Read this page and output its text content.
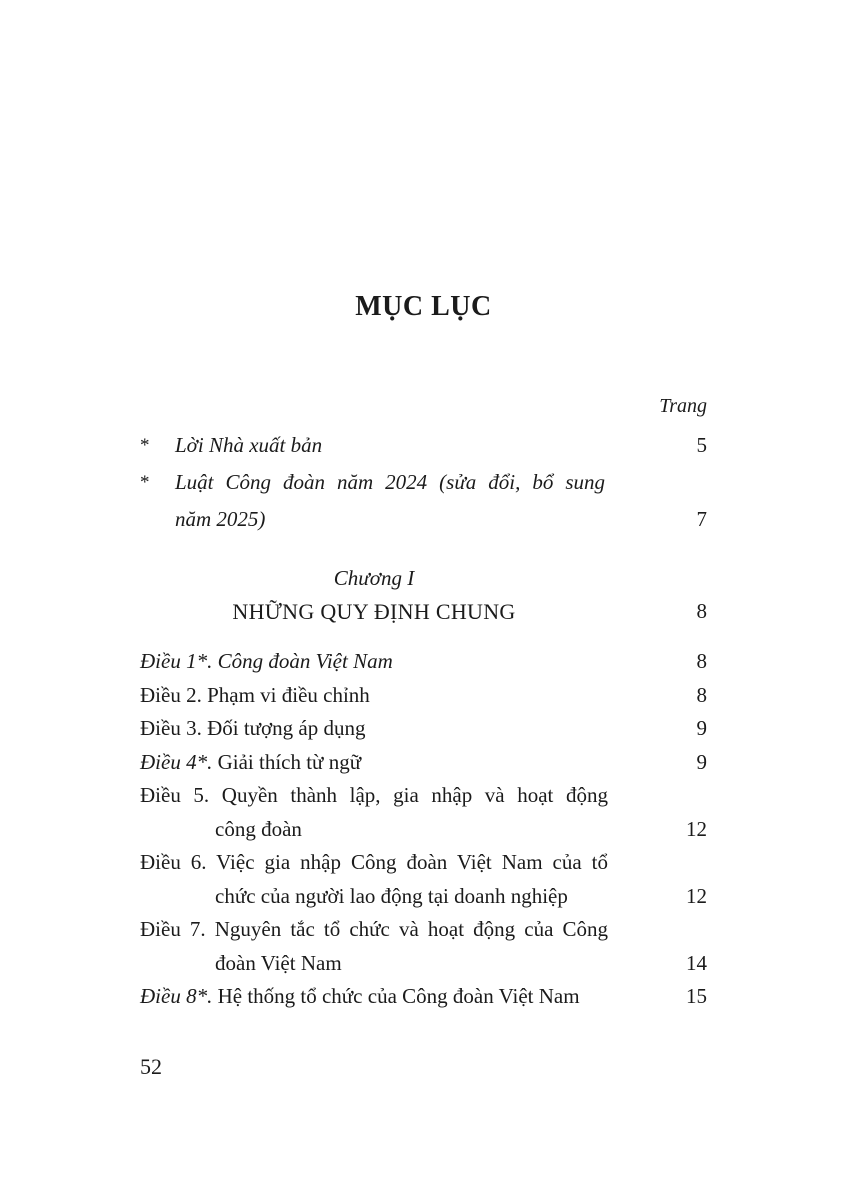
MỤC LỤC
Trang
*	Lời Nhà xuất bản	5
*	Luật Công đoàn năm 2024 (sửa đổi, bổ sung
năm 2025)	7
Chương I
NHỮNG QUY ĐỊNH CHUNG	8
Điều 1*. Công đoàn Việt Nam	8
Điều 2. Phạm vi điều chỉnh	8
Điều 3. Đối tượng áp dụng	9
Điều 4*. Giải thích từ ngữ	9
Điều 5. Quyền thành lập, gia nhập và hoạt động
công đoàn	12
Điều 6. Việc gia nhập Công đoàn Việt Nam của tổ
chức của người lao động tại doanh nghiệp	12
Điều 7. Nguyên tắc tổ chức và hoạt động của Công
đoàn Việt Nam	14
Điều 8*. Hệ thống tổ chức của Công đoàn Việt Nam	15
52
